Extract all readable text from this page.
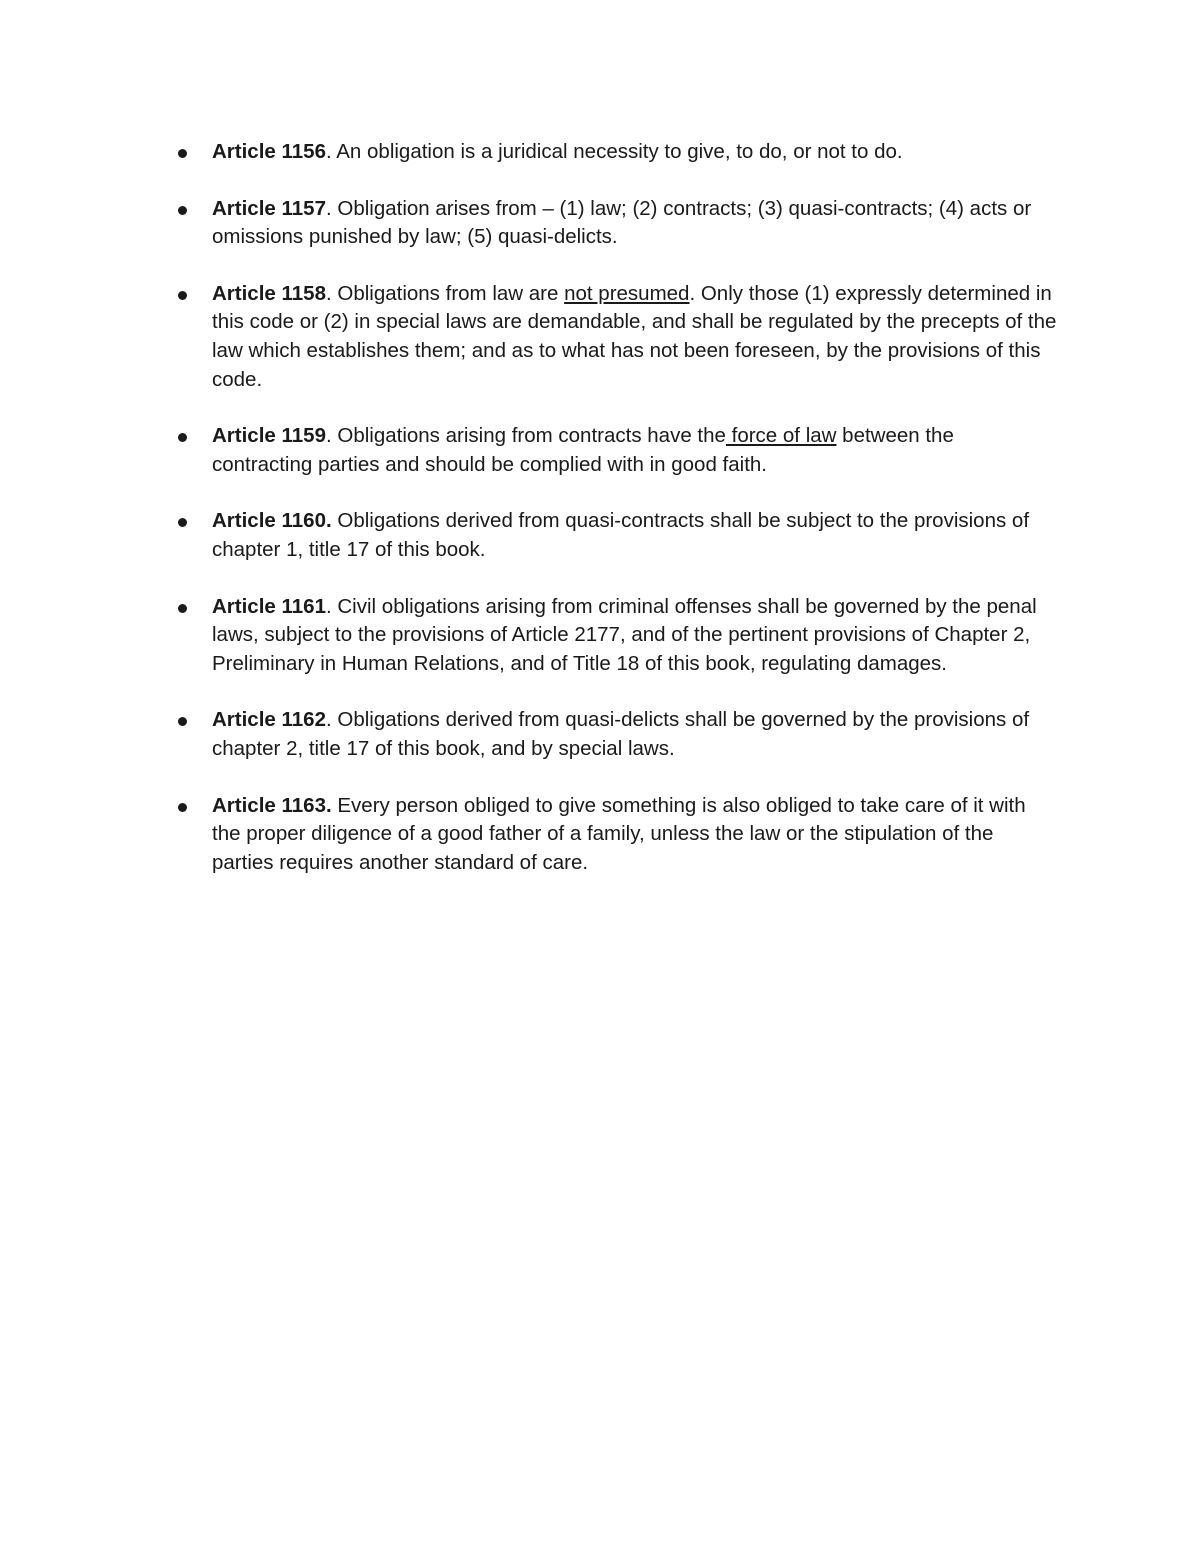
Article 1156. An obligation is a juridical necessity to give, to do, or not to do.
Article 1157. Obligation arises from – (1) law; (2) contracts; (3) quasi-contracts; (4) acts or omissions punished by law; (5) quasi-delicts.
Article 1158. Obligations from law are not presumed. Only those (1) expressly determined in this code or (2) in special laws are demandable, and shall be regulated by the precepts of the law which establishes them; and as to what has not been foreseen, by the provisions of this code.
Article 1159. Obligations arising from contracts have the force of law between the contracting parties and should be complied with in good faith.
Article 1160. Obligations derived from quasi-contracts shall be subject to the provisions of chapter 1, title 17 of this book.
Article 1161. Civil obligations arising from criminal offenses shall be governed by the penal laws, subject to the provisions of Article 2177, and of the pertinent provisions of Chapter 2, Preliminary in Human Relations, and of Title 18 of this book, regulating damages.
Article 1162. Obligations derived from quasi-delicts shall be governed by the provisions of chapter 2, title 17 of this book, and by special laws.
Article 1163. Every person obliged to give something is also obliged to take care of it with the proper diligence of a good father of a family, unless the law or the stipulation of the parties requires another standard of care.
